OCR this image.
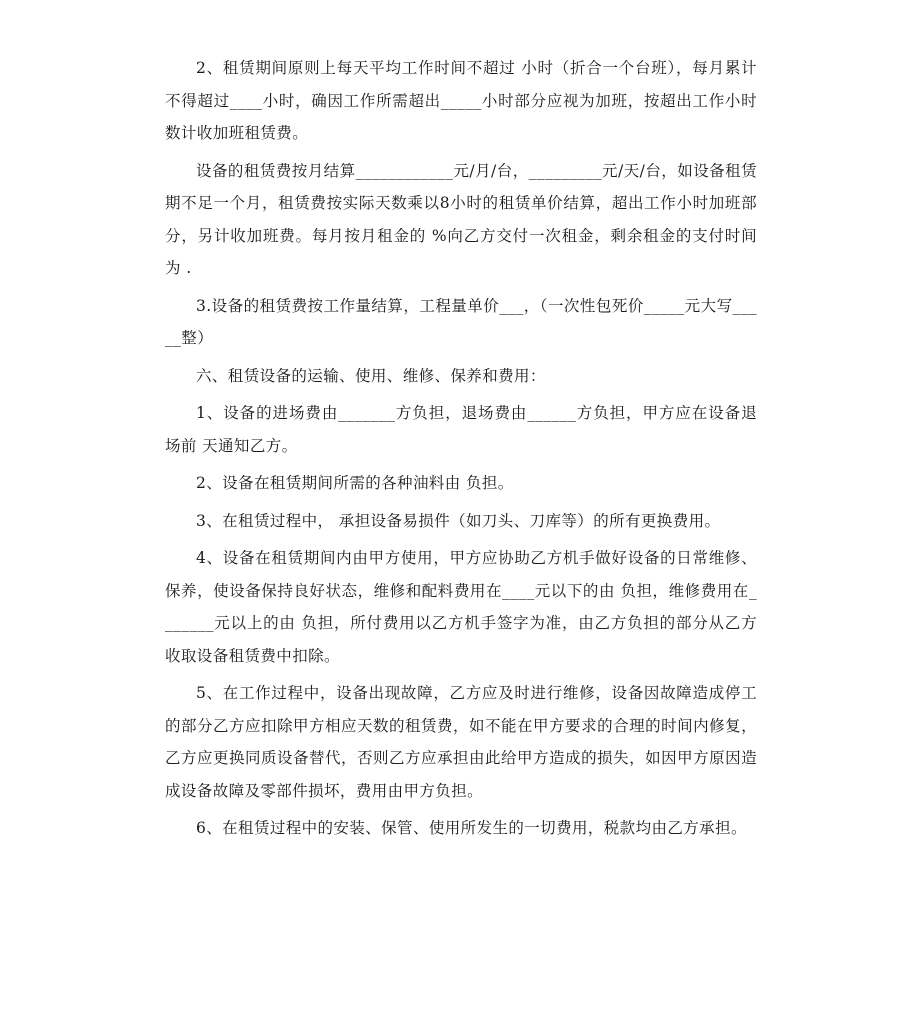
2、租赁期间原则上每天平均工作时间不超过 小时（折合一个台班），每月累计不得超过____小时，确因工作所需超出_____小时部分应视为加班，按超出工作小时数计收加班租赁费。

设备的租赁费按月结算____________元/月/台，_________元/天/台，如设备租赁期不足一个月，租赁费按实际天数乘以8小时的租赁单价结算，超出工作小时加班部分，另计收加班费。每月按月租金的 %向乙方交付一次租金，剩余租金的支付时间为 .

3.设备的租赁费按工作量结算，工程量单价___，（一次性包死价_____元大写_____整）

六、租赁设备的运输、使用、维修、保养和费用：

1、设备的进场费由_______方负担，退场费由______方负担，甲方应在设备退场前 天通知乙方。

2、设备在租赁期间所需的各种油料由 负担。

3、在租赁过程中， 承担设备易损件（如刀头、刀库等）的所有更换费用。

4、设备在租赁期间内由甲方使用，甲方应协助乙方机手做好设备的日常维修、保养，使设备保持良好状态，维修和配料费用在____元以下的由 负担，维修费用在_______元以上的由 负担，所付费用以乙方机手签字为准，由乙方负担的部分从乙方收取设备租赁费中扣除。

5、在工作过程中，设备出现故障，乙方应及时进行维修，设备因故障造成停工的部分乙方应扣除甲方相应天数的租赁费，如不能在甲方要求的合理的时间内修复，乙方应更换同质设备替代，否则乙方应承担由此给甲方造成的损失，如因甲方原因造成设备故障及零部件损坏，费用由甲方负担。

6、在租赁过程中的安装、保管、使用所发生的一切费用，税款均由乙方承担。
